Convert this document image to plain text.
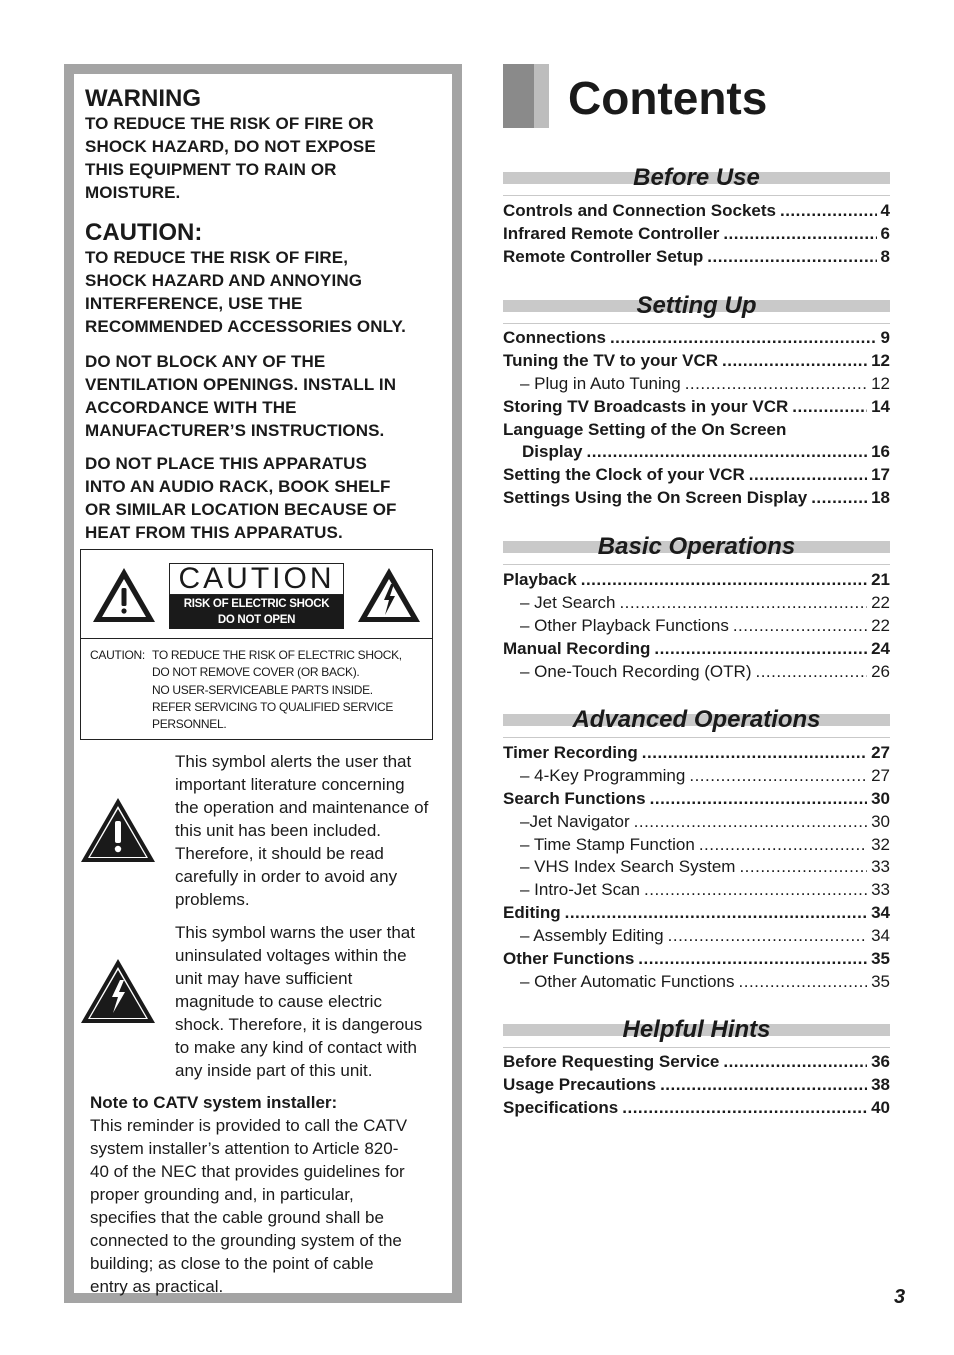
WARNING

TO REDUCE THE RISK OF FIRE OR

SHOCK HAZARD, DO NOT EXPOSE

THIS EQUIPMENT TO RAIN OR

MOISTURE.

CAUTION:

TO REDUCE THE RISK OF FIRE,

SHOCK HAZARD AND ANNOYING

INTERFERENCE, USE THE

RECOMMENDED ACCESSORIES ONLY.

DO NOT BLOCK ANY OF THE

VENTILATION OPENINGS. INSTALL IN

ACCORDANCE WITH THE

MANUFACTURER’S INSTRUCTIONS.

DO NOT PLACE THIS APPARATUS

INTO AN AUDIO RACK, BOOK SHELF

OR SIMILAR LOCATION BECAUSE OF

HEAT FROM THIS APPARATUS.

CAUTION
RISK OF ELECTRIC SHOCK
DO NOT OPEN
CAUTION: TO REDUCE THE RISK OF ELECTRIC SHOCK,
DO NOT REMOVE COVER (OR BACK).
NO USER-SERVICEABLE PARTS INSIDE.
REFER SERVICING TO QUALIFIED SERVICE
PERSONNEL.
This symbol alerts the user that
important literature concerning
the operation and maintenance of
this unit has been included.
Therefore, it should be read
carefully in order to avoid any
problems.
This symbol warns the user that
uninsulated voltages within the
unit may have sufficient
magnitude to cause electric
shock. Therefore, it is dangerous
to make any kind of contact with
any inside part of this unit.
Note to CATV system installer:
This reminder is provided to call the CATV
system installer’s attention to Article 820-
40 of the NEC that provides guidelines for
proper grounding and, in particular,
specifies that the cable ground shall be
connected to the grounding system of the
building; as close to the point of cable
entry as practical.
Contents
Before Use
Controls and Connection Sockets .....	4
Infrared Remote Controller .....	6
Remote Controller Setup .....	8
Setting Up
Connections .....	9
Tuning the TV to your VCR .....	12
– Plug in Auto Tuning .....	12
Storing TV Broadcasts in your VCR .....	14
Language Setting of the On Screen
Display .....	16
Setting the Clock of your VCR .....	17
Settings Using the On Screen Display .....	18
Basic Operations
Playback .....	21
– Jet Search .....	22
– Other Playback Functions .....	22
Manual Recording .....	24
– One-Touch Recording (OTR) .....	26
Advanced Operations
Timer Recording .....	27
– 4-Key Programming .....	27
Search Functions .....	30
–Jet Navigator .....	30
– Time Stamp Function .....	32
– VHS Index Search System .....	33
– Intro-Jet Scan .....	33
Editing .....	34
– Assembly Editing .....	34
Other Functions .....	35
– Other Automatic Functions .....	35
Helpful Hints
Before Requesting Service .....	36
Usage Precautions .....	38
Specifications .....	40
3
